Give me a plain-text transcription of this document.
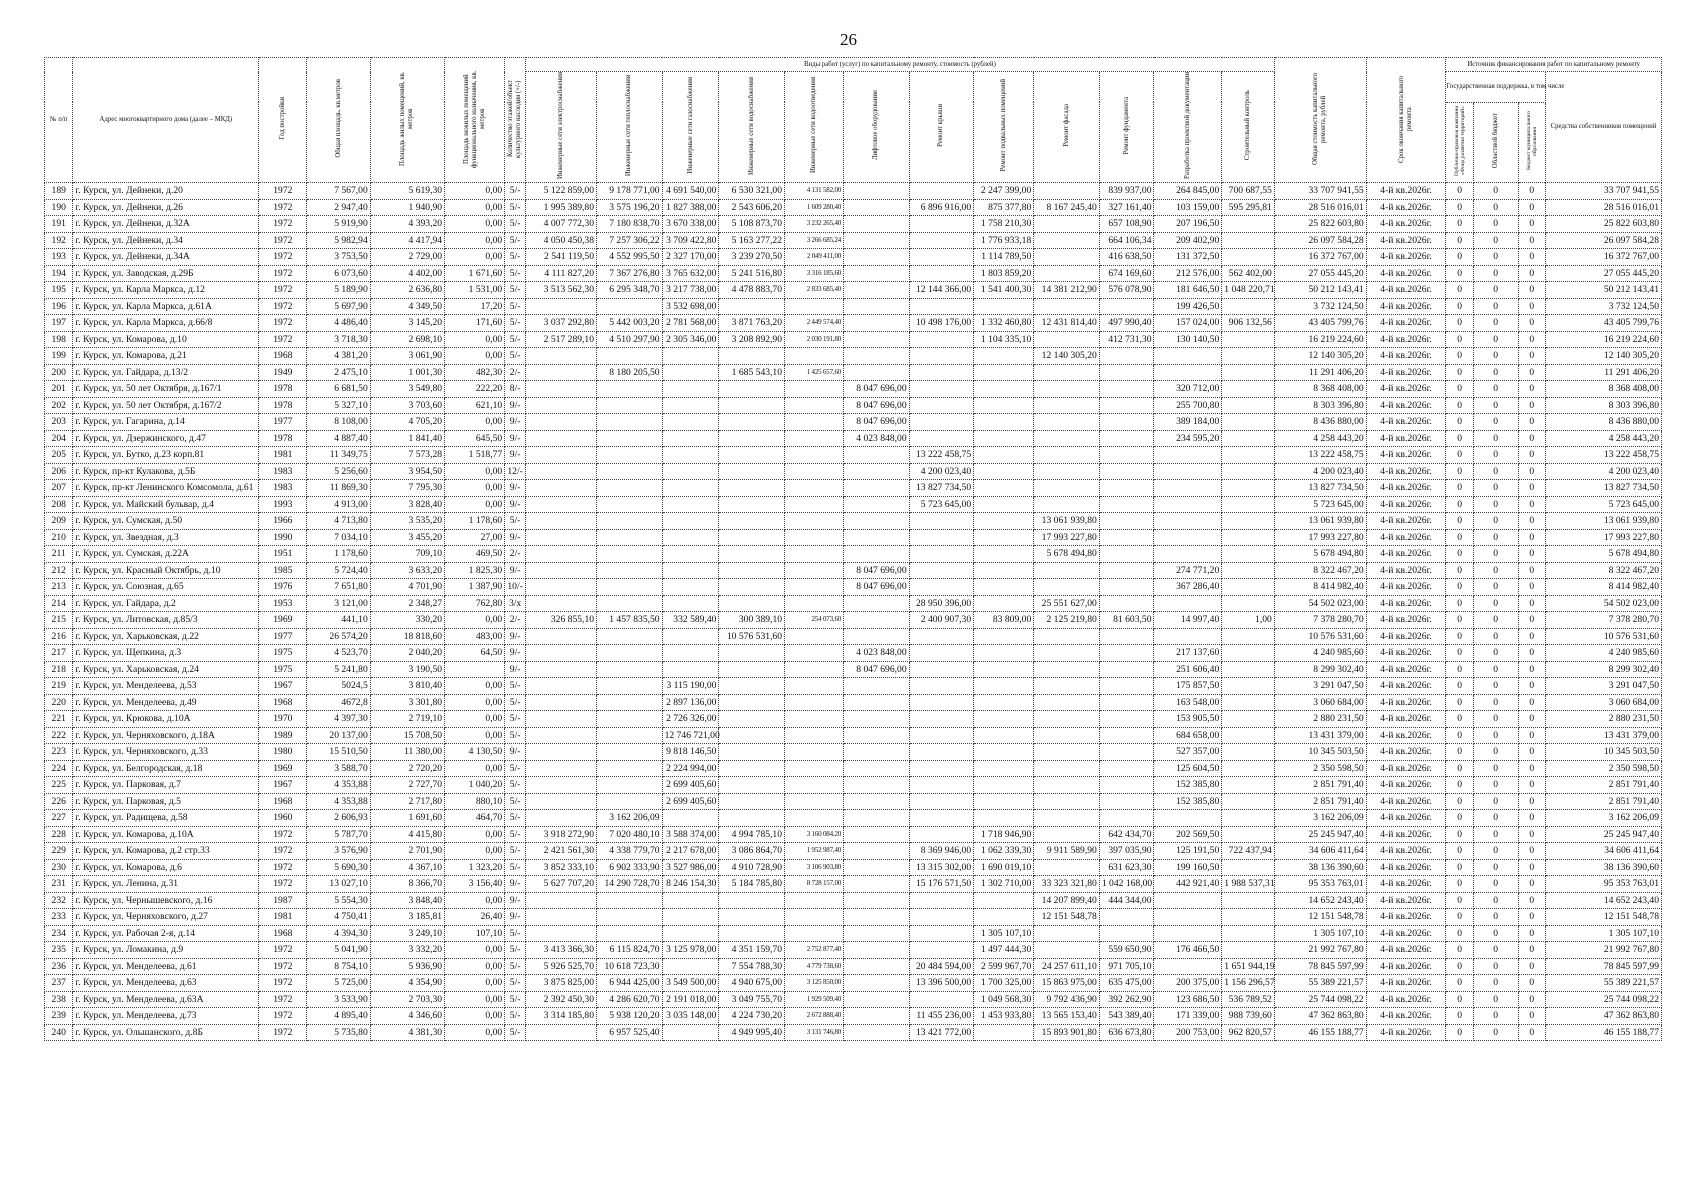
26
№ п/п	Адрес многоквартирного дома (далее – МКД)	Год постройки	Общая площадь, кв.метров	Площадь жилых помещений, кв. метров	Площадь нежилых помещений функционального назначения, кв. метров	Количество этажей/объект культурного наследия (+/-)	Виды работ (услуг) по капитальному ремонту, стоимость (рублей)												Общая стоимость капитального ремонта, рублей	Срок окончания капитального ремонта	Источник финансирования работ по капитальному ремонту			
							Инженерные сети электроснабжения	Инженерные сети теплоснабжения	Инженерные сети газоснабжения	Инженерные сети водоснабжения	Инженерные сети водоотведения	Лифтовое оборудование	Ремонт крыши	Ремонт подвальных помещений	Ремонт фасада	Ремонт фундамента	Разработка проектной документации	Строительный контроль			Государственная поддержка, в том числе			Средства собственников помещений
																					Публично-правовая компания «Фонд развития территорий»	Областной бюджет	Бюджет муниципального образования	
189	г. Курск, ул. Дейнеки, д.20	1972	7 567,00	5 619,30	0,00	5/-	5 122 859,00	9 178 771,00	4 691 540,00	6 530 321,00	4 131 582,00			2 247 399,00		839 937,00	264 845,00	700 687,55	33 707 941,55	4-й кв.2026г.	0	0	0	33 707 941,55
190	г. Курск, ул. Дейнеки, д.26	1972	2 947,40	1 940,90	0,00	5/-	1 995 389,80	3 575 196,20	1 827 388,00	2 543 606,20	1 609 280,40		6 896 916,00	875 377,80	8 167 245,40	327 161,40	103 159,00	595 295,81	28 516 016,01	4-й кв.2026г.	0	0	0	28 516 016,01
191	г. Курск, ул. Дейнеки, д.32А	1972	5 919,90	4 393,20	0,00	5/-	4 007 772,30	7 180 838,70	3 670 338,00	5 108 873,70	3 232 265,40			1 758 210,30		657 108,90	207 196,50		25 822 603,80	4-й кв.2026г.	0	0	0	25 822 603,80
192	г. Курск, ул. Дейнеки, д.34	1972	5 982,94	4 417,94	0,00	5/-	4 050 450,38	7 257 306,22	3 709 422,80	5 163 277,22	3 266 685,24			1 776 933,18		664 106,34	209 402,90		26 097 584,28	4-й кв.2026г.	0	0	0	26 097 584,28
193	г. Курск, ул. Дейнеки, д.34А	1972	3 753,50	2 729,00	0,00	5/-	2 541 119,50	4 552 995,50	2 327 170,00	3 239 270,50	2 049 411,00			1 114 789,50		416 638,50	131 372,50		16 372 767,00	4-й кв.2026г.	0	0	0	16 372 767,00
194	г. Курск, ул. Заводская, д.29Б	1972	6 073,60	4 402,00	1 671,60	5/-	4 111 827,20	7 367 276,80	3 765 632,00	5 241 516,80	3 316 185,60			1 803 859,20		674 169,60	212 576,00	562 402,00	27 055 445,20	4-й кв.2026г.	0	0	0	27 055 445,20
195	г. Курск, ул. Карла Маркса, д.12	1972	5 189,90	2 636,80	1 531,00	5/-	3 513 562,30	6 295 348,70	3 217 738,00	4 478 883,70	2 833 685,40		12 144 366,00	1 541 400,30	14 381 212,90	576 078,90	181 646,50	1 048 220,71	50 212 143,41	4-й кв.2026г.	0	0	0	50 212 143,41
196	г. Курск, ул. Карла Маркса, д.61А	1972	5 697,90	4 349,50	17,20	5/-			3 532 698,00								199 426,50		3 732 124,50	4-й кв.2026г.	0	0	0	3 732 124,50
197	г. Курск, ул. Карла Маркса, д.66/8	1972	4 486,40	3 145,20	171,60	5/-	3 037 292,80	5 442 003,20	2 781 568,00	3 871 763,20	2 449 574,40		10 498 176,00	1 332 460,80	12 431 814,40	497 990,40	157 024,00	906 132,56	43 405 799,76	4-й кв.2026г.	0	0	0	43 405 799,76
198	г. Курск, ул. Комарова, д.10	1972	3 718,30	2 698,10	0,00	5/-	2 517 289,10	4 510 297,90	2 305 346,00	3 208 892,90	2 030 191,80			1 104 335,10		412 731,30	130 140,50		16 219 224,60	4-й кв.2026г.	0	0	0	16 219 224,60
199	г. Курск, ул. Комарова, д.21	1968	4 381,20	3 061,90	0,00	5/-									12 140 305,20				12 140 305,20	4-й кв.2026г.	0	0	0	12 140 305,20
200	г. Курск, ул. Гайдара, д.13/2	1949	2 475,10	1 001,30	482,30	2/-		8 180 205,50		1 685 543,10	1 425 657,60								11 291 406,20	4-й кв.2026г.	0	0	0	11 291 406,20
201	г. Курск, ул. 50 лет Октября, д.167/1	1978	6 681,50	3 549,80	222,20	8/-						8 047 696,00					320 712,00		8 368 408,00	4-й кв.2026г.	0	0	0	8 368 408,00
202	г. Курск, ул. 50 лет Октября, д.167/2	1978	5 327,10	3 703,60	621,10	9/-						8 047 696,00					255 700,80		8 303 396,80	4-й кв.2026г.	0	0	0	8 303 396,80
203	г. Курск, ул. Гагарина, д.14	1977	8 108,00	4 705,20	0,00	9/-						8 047 696,00					389 184,00		8 436 880,00	4-й кв.2026г.	0	0	0	8 436 880,00
204	г. Курск, ул. Дзержинского, д.47	1978	4 887,40	1 841,40	645,50	9/-						4 023 848,00					234 595,20		4 258 443,20	4-й кв.2026г.	0	0	0	4 258 443,20
205	г. Курск, ул. Бутко, д.23 корп.81	1981	11 349,75	7 573,28	1 518,77	9/-							13 222 458,75						13 222 458,75	4-й кв.2026г.	0	0	0	13 222 458,75
206	г. Курск, пр-кт Кулакова, д.5Б	1983	5 256,60	3 954,50	0,00	12/-							4 200 023,40						4 200 023,40	4-й кв.2026г.	0	0	0	4 200 023,40
207	г. Курск, пр-кт Ленинского Комсомола, д.61	1983	11 869,30	7 795,30	0,00	9/-							13 827 734,50						13 827 734,50	4-й кв.2026г.	0	0	0	13 827 734,50
208	г. Курск, ул. Майский бульвар, д.4	1993	4 913,00	3 828,40	0,00	9/-							5 723 645,00						5 723 645,00	4-й кв.2026г.	0	0	0	5 723 645,00
209	г. Курск, ул. Сумская, д.50	1966	4 713,80	3 535,20	1 178,60	5/-									13 061 939,80				13 061 939,80	4-й кв.2026г.	0	0	0	13 061 939,80
210	г. Курск, ул. Звездная, д.3	1990	7 034,10	3 455,20	27,00	9/-									17 993 227,80				17 993 227,80	4-й кв.2026г.	0	0	0	17 993 227,80
211	г. Курск, ул. Сумская, д.22А	1951	1 178,60	709,10	469,50	2/-									5 678 494,80				5 678 494,80	4-й кв.2026г.	0	0	0	5 678 494,80
212	г. Курск, ул. Красный Октябрь, д.10	1985	5 724,40	3 633,20	1 825,30	9/-						8 047 696,00					274 771,20		8 322 467,20	4-й кв.2026г.	0	0	0	8 322 467,20
213	г. Курск, ул. Союзная, д.65	1976	7 651,80	4 701,90	1 387,90	10/-						8 047 696,00					367 286,40		8 414 982,40	4-й кв.2026г.	0	0	0	8 414 982,40
214	г. Курск, ул. Гайдара, д.2	1953	3 121,00	2 348,27	762,80	3/х							28 950 396,00		25 551 627,00				54 502 023,00	4-й кв.2026г.	0	0	0	54 502 023,00
215	г. Курск, ул. Литовская, д.85/3	1969	441,10	330,20	0,00	2/-	326 855,10	1 457 835,50	332 589,40	300 389,10	254 073,60		2 400 907,30	83 809,00	2 125 219,80	81 603,50	14 997,40	1,00	7 378 280,70	4-й кв.2026г.	0	0	0	7 378 280,70
216	г. Курск, ул. Харьковская, д.22	1977	26 574,20	18 818,60	483,00	9/-				10 576 531,60									10 576 531,60	4-й кв.2026г.	0	0	0	10 576 531,60
217	г. Курск, ул. Щепкина, д.3	1975	4 523,70	2 040,20	64,50	9/-						4 023 848,00					217 137,60		4 240 985,60	4-й кв.2026г.	0	0	0	4 240 985,60
218	г. Курск, ул. Харьковская, д.24	1975	5 241,80	3 190,50		9/-						8 047 696,00					251 606,40		8 299 302,40	4-й кв.2026г.	0	0	0	8 299 302,40
219	г. Курск, ул. Менделеева, д.53	1967	5024,5	3 810,40	0,00	5/-			3 115 190,00								175 857,50		3 291 047,50	4-й кв.2026г.	0	0	0	3 291 047,50
220	г. Курск, ул. Менделеева, д.49	1968	4672,8	3 301,80	0,00	5/-			2 897 136,00								163 548,00		3 060 684,00	4-й кв.2026г.	0	0	0	3 060 684,00
221	г. Курск, ул. Крюкова, д.10А	1970	4 397,30	2 719,10	0,00	5/-			2 726 326,00								153 905,50		2 880 231,50	4-й кв.2026г.	0	0	0	2 880 231,50
222	г. Курск, ул. Черняховского, д.18А	1989	20 137,00	15 708,50	0,00	5/-			12 746 721,00								684 658,00		13 431 379,00	4-й кв.2026г.	0	0	0	13 431 379,00
223	г. Курск, ул. Черняховского, д.33	1980	15 510,50	11 380,00	4 130,50	9/-			9 818 146,50								527 357,00		10 345 503,50	4-й кв.2026г.	0	0	0	10 345 503,50
224	г. Курск, ул. Белгородская, д.18	1969	3 588,70	2 720,20	0,00	5/-			2 224 994,00								125 604,50		2 350 598,50	4-й кв.2026г.	0	0	0	2 350 598,50
225	г. Курск, ул. Парковая, д.7	1967	4 353,88	2 727,70	1 040,20	5/-			2 699 405,60								152 385,80		2 851 791,40	4-й кв.2026г.	0	0	0	2 851 791,40
226	г. Курск, ул. Парковая, д.5	1968	4 353,88	2 717,80	880,10	5/-			2 699 405,60								152 385,80		2 851 791,40	4-й кв.2026г.	0	0	0	2 851 791,40
227	г. Курск, ул. Радищева, д.58	1960	2 606,93	1 691,60	464,70	5/-		3 162 206,09											3 162 206,09	4-й кв.2026г.	0	0	0	3 162 206,09
228	г. Курск, ул. Комарова, д.10А	1972	5 787,70	4 415,80	0,00	5/-	3 918 272,90	7 020 480,10	3 588 374,00	4 994 785,10	3 160 084,20			1 718 946,90		642 434,70	202 569,50		25 245 947,40	4-й кв.2026г.	0	0	0	25 245 947,40
229	г. Курск, ул. Комарова, д.2 стр.33	1972	3 576,90	2 701,90	0,00	5/-	2 421 561,30	4 338 779,70	2 217 678,00	3 086 864,70	1 952 987,40		8 369 946,00	1 062 339,30	9 911 589,90	397 035,90	125 191,50	722 437,94	34 606 411,64	4-й кв.2026г.	0	0	0	34 606 411,64
230	г. Курск, ул. Комарова, д.6	1972	5 690,30	4 367,10	1 323,20	5/-	3 852 333,10	6 902 333,90	3 527 986,00	4 910 728,90	3 106 903,80		13 315 302,00	1 690 019,10		631 623,30	199 160,50		38 136 390,60	4-й кв.2026г.	0	0	0	38 136 390,60
231	г. Курск, ул. Ленина, д.31	1972	13 027,10	8 366,70	3 156,40	9/-	5 627 707,20	14 290 728,70	8 246 154,30	5 184 785,80	8 728 157,00		15 176 571,50	1 302 710,00	33 323 321,80	1 042 168,00	442 921,40	1 988 537,31	95 353 763,01	4-й кв.2026г.	0	0	0	95 353 763,01
232	г. Курск, ул. Чернышевского, д.16	1987	5 554,30	3 848,40	0,00	9/-									14 207 899,40	444 344,00			14 652 243,40	4-й кв.2026г.	0	0	0	14 652 243,40
233	г. Курск, ул. Черняховского, д.27	1981	4 750,41	3 185,81	26,40	9/-									12 151 548,78				12 151 548,78	4-й кв.2026г.	0	0	0	12 151 548,78
234	г. Курск, ул. Рабочая 2-я, д.14	1968	4 394,30	3 249,10	107,10	5/-								1 305 107,10					1 305 107,10	4-й кв.2026г.	0	0	0	1 305 107,10
235	г. Курск, ул. Ломакина, д.9	1972	5 041,90	3 332,20	0,00	5/-	3 413 366,30	6 115 824,70	3 125 978,00	4 351 159,70	2 752 877,40			1 497 444,30		559 650,90	176 466,50		21 992 767,80	4-й кв.2026г.	0	0	0	21 992 767,80
236	г. Курск, ул. Менделеева, д.61	1972	8 754,10	5 936,90	0,00	5/-	5 926 525,70	10 618 723,30		7 554 788,30	4 779 738,60		20 484 594,00	2 599 967,70	24 257 611,10	971 705,10		1 651 944,19	78 845 597,99	4-й кв.2026г.	0	0	0	78 845 597,99
237	г. Курск, ул. Менделеева, д.63	1972	5 725,00	4 354,90	0,00	5/-	3 875 825,00	6 944 425,00	3 549 500,00	4 940 675,00	3 125 850,00		13 396 500,00	1 700 325,00	15 863 975,00	635 475,00	200 375,00	1 156 296,57	55 389 221,57	4-й кв.2026г.	0	0	0	55 389 221,57
238	г. Курск, ул. Менделеева, д.63А	1972	3 533,90	2 703,30	0,00	5/-	2 392 450,30	4 286 620,70	2 191 018,00	3 049 755,70	1 929 509,40			1 049 568,30	9 792 436,90	392 262,90	123 686,50	536 789,52	25 744 098,22	4-й кв.2026г.	0	0	0	25 744 098,22
239	г. Курск, ул. Менделеева, д.73	1972	4 895,40	4 346,60	0,00	5/-	3 314 185,80	5 938 120,20	3 035 148,00	4 224 730,20	2 672 888,40		11 455 236,00	1 453 933,80	13 565 153,40	543 389,40	171 339,00	988 739,60	47 362 863,80	4-й кв.2026г.	0	0	0	47 362 863,80
240	г. Курск, ул. Ольшанского, д.8Б	1972	5 735,80	4 381,30	0,00	5/-		6 957 525,40		4 949 995,40	3 131 746,80		13 421 772,00		15 893 901,80	636 673,80	200 753,00	962 820,57	46 155 188,77	4-й кв.2026г.	0	0	0	46 155 188,77
